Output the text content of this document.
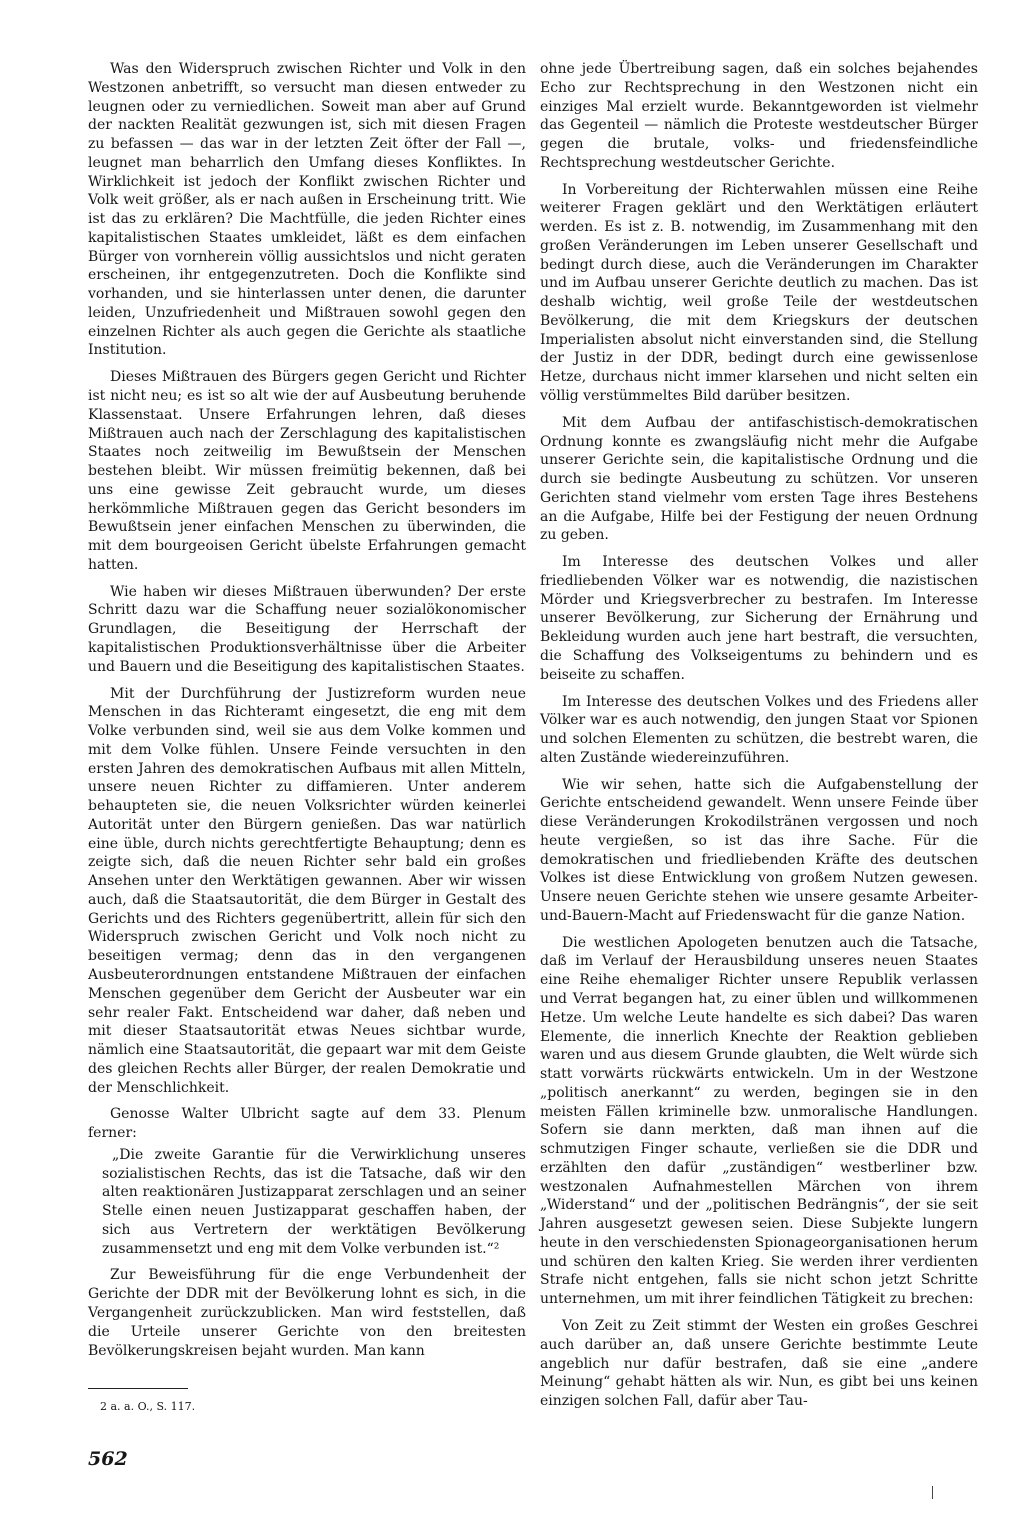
Was den Widerspruch zwischen Richter und Volk in den Westzonen anbetrifft, so versucht man diesen entweder zu leugnen oder zu verniedlichen. Soweit man aber auf Grund der nackten Realität gezwungen ist, sich mit diesen Fragen zu befassen — das war in der letzten Zeit öfter der Fall —, leugnet man beharrlich den Umfang dieses Konfliktes. In Wirklichkeit ist jedoch der Konflikt zwischen Richter und Volk weit größer, als er nach außen in Erscheinung tritt. Wie ist das zu erklären? Die Machtfülle, die jeden Richter eines kapitalistischen Staates umkleidet, läßt es dem einfachen Bürger von vornherein völlig aussichtslos und nicht geraten erscheinen, ihr entgegenzutreten. Doch die Konflikte sind vorhanden, und sie hinterlassen unter denen, die darunter leiden, Unzufriedenheit und Mißtrauen sowohl gegen den einzelnen Richter als auch gegen die Gerichte als staatliche Institution.

Dieses Mißtrauen des Bürgers gegen Gericht und Richter ist nicht neu; es ist so alt wie der auf Ausbeutung beruhende Klassenstaat. Unsere Erfahrungen lehren, daß dieses Mißtrauen auch nach der Zerschlagung des kapitalistischen Staates noch zeitweilig im Bewußtsein der Menschen bestehen bleibt. Wir müssen freimütig bekennen, daß bei uns eine gewisse Zeit gebraucht wurde, um dieses herkömmliche Mißtrauen gegen das Gericht besonders im Bewußtsein jener einfachen Menschen zu überwinden, die mit dem bourgeoisen Gericht übelste Erfahrungen gemacht hatten.

Wie haben wir dieses Mißtrauen überwunden? Der erste Schritt dazu war die Schaffung neuer sozialökonomischer Grundlagen, die Beseitigung der Herrschaft der kapitalistischen Produktionsverhältnisse über die Arbeiter und Bauern und die Beseitigung des kapitalistischen Staates.

Mit der Durchführung der Justizreform wurden neue Menschen in das Richteramt eingesetzt, die eng mit dem Volke verbunden sind, weil sie aus dem Volke kommen und mit dem Volke fühlen. Unsere Feinde versuchten in den ersten Jahren des demokratischen Aufbaus mit allen Mitteln, unsere neuen Richter zu diffamieren. Unter anderem behaupteten sie, die neuen Volksrichter würden keinerlei Autorität unter den Bürgern genießen. Das war natürlich eine üble, durch nichts gerechtfertigte Behauptung; denn es zeigte sich, daß die neuen Richter sehr bald ein großes Ansehen unter den Werktätigen gewannen. Aber wir wissen auch, daß die Staatsautorität, die dem Bürger in Gestalt des Gerichts und des Richters gegenübertritt, allein für sich den Widerspruch zwischen Gericht und Volk noch nicht zu beseitigen vermag; denn das in den vergangenen Ausbeuterordnungen entstandene Mißtrauen der einfachen Menschen gegenüber dem Gericht der Ausbeuter war ein sehr realer Fakt. Entscheidend war daher, daß neben und mit dieser Staatsautorität etwas Neues sichtbar wurde, nämlich eine Staatsautorität, die gepaart war mit dem Geiste des gleichen Rechts aller Bürger, der realen Demokratie und der Menschlichkeit.

Genosse Walter Ulbricht sagte auf dem 33. Plenum ferner:

„Die zweite Garantie für die Verwirklichung unseres sozialistischen Rechts, das ist die Tatsache, daß wir den alten reaktionären Justizapparat zerschlagen und an seiner Stelle einen neuen Justizapparat geschaffen haben, der sich aus Vertretern der werktätigen Bevölkerung zusammensetzt und eng mit dem Volke verbunden ist.“²

Zur Beweisführung für die enge Verbundenheit der Gerichte der DDR mit der Bevölkerung lohnt es sich, in die Vergangenheit zurückzublicken. Man wird feststellen, daß die Urteile unserer Gerichte von den breitesten Bevölkerungskreisen bejaht wurden. Man kann

ohne jede Übertreibung sagen, daß ein solches bejahendes Echo zur Rechtsprechung in den Westzonen nicht ein einziges Mal erzielt wurde. Bekanntgeworden ist vielmehr das Gegenteil — nämlich die Proteste westdeutscher Bürger gegen die brutale, volks- und friedensfeindliche Rechtsprechung westdeutscher Gerichte.

In Vorbereitung der Richterwahlen müssen eine Reihe weiterer Fragen geklärt und den Werktätigen erläutert werden. Es ist z. B. notwendig, im Zusammenhang mit den großen Veränderungen im Leben unserer Gesellschaft und bedingt durch diese, auch die Veränderungen im Charakter und im Aufbau unserer Gerichte deutlich zu machen. Das ist deshalb wichtig, weil große Teile der westdeutschen Bevölkerung, die mit dem Kriegskurs der deutschen Imperialisten absolut nicht einverstanden sind, die Stellung der Justiz in der DDR, bedingt durch eine gewissenlose Hetze, durchaus nicht immer klarsehen und nicht selten ein völlig verstümmeltes Bild darüber besitzen.

Mit dem Aufbau der antifaschistisch-demokratischen Ordnung konnte es zwangsläufig nicht mehr die Aufgabe unserer Gerichte sein, die kapitalistische Ordnung und die durch sie bedingte Ausbeutung zu schützen. Vor unseren Gerichten stand vielmehr vom ersten Tage ihres Bestehens an die Aufgabe, Hilfe bei der Festigung der neuen Ordnung zu geben.

Im Interesse des deutschen Volkes und aller friedliebenden Völker war es notwendig, die nazistischen Mörder und Kriegsverbrecher zu bestrafen. Im Interesse unserer Bevölkerung, zur Sicherung der Ernährung und Bekleidung wurden auch jene hart bestraft, die versuchten, die Schaffung des Volkseigentums zu behindern und es beiseite zu schaffen.

Im Interesse des deutschen Volkes und des Friedens aller Völker war es auch notwendig, den jungen Staat vor Spionen und solchen Elementen zu schützen, die bestrebt waren, die alten Zustände wiedereinzuführen.

Wie wir sehen, hatte sich die Aufgabenstellung der Gerichte entscheidend gewandelt. Wenn unsere Feinde über diese Veränderungen Krokodilstränen vergossen und noch heute vergießen, so ist das ihre Sache. Für die demokratischen und friedliebenden Kräfte des deutschen Volkes ist diese Entwicklung von großem Nutzen gewesen. Unsere neuen Gerichte stehen wie unsere gesamte Arbeiter-und-Bauern-Macht auf Friedenswacht für die ganze Nation.

Die westlichen Apologeten benutzen auch die Tatsache, daß im Verlauf der Herausbildung unseres neuen Staates eine Reihe ehemaliger Richter unsere Republik verlassen und Verrat begangen hat, zu einer üblen und willkommenen Hetze. Um welche Leute handelte es sich dabei? Das waren Elemente, die innerlich Knechte der Reaktion geblieben waren und aus diesem Grunde glaubten, die Welt würde sich statt vorwärts rückwärts entwickeln. Um in der Westzone „politisch anerkannt“ zu werden, begingen sie in den meisten Fällen kriminelle bzw. unmoralische Handlungen. Sofern sie dann merkten, daß man ihnen auf die schmutzigen Finger schaute, verließen sie die DDR und erzählten den dafür „zuständigen“ westberliner bzw. westzonalen Aufnahmestellen Märchen von ihrem „Widerstand“ und der „politischen Bedrängnis“, der sie seit Jahren ausgesetzt gewesen seien. Diese Subjekte lungern heute in den verschiedensten Spionageorganisationen herum und schüren den kalten Krieg. Sie werden ihrer verdienten Strafe nicht entgehen, falls sie nicht schon jetzt Schritte unternehmen, um mit ihrer feindlichen Tätigkeit zu brechen:

Von Zeit zu Zeit stimmt der Westen ein großes Geschrei auch darüber an, daß unsere Gerichte bestimmte Leute angeblich nur dafür bestrafen, daß sie eine „andere Meinung“ gehabt hätten als wir. Nun, es gibt bei uns keinen einzigen solchen Fall, dafür aber Tau-

2 a. a. O., S. 117.
562
